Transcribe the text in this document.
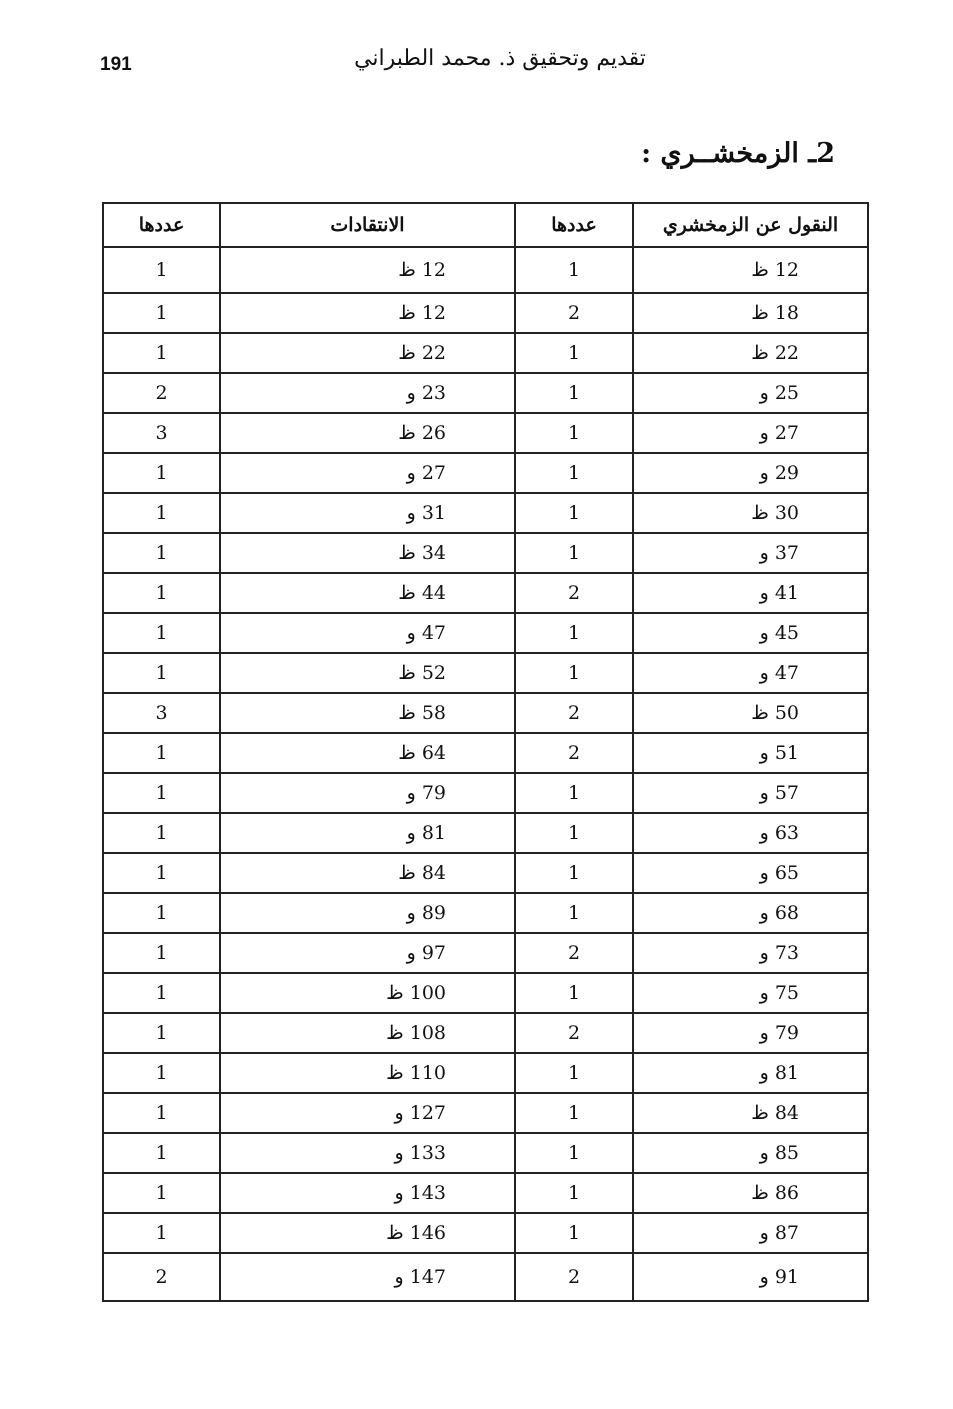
191	تقديم وتحقيق ذ. محمد الطبراني
2ـ الزمخشــري :
النقول عن الزمخشري	عددها	الانتقادات	عددها
12 ظ	1	12 ظ	1
18 ظ	2	12 ظ	1
22 ظ	1	22 ظ	1
25 و	1	23 و	2
27 و	1	26 ظ	3
29 و	1	27 و	1
30 ظ	1	31 و	1
37 و	1	34 ظ	1
41 و	2	44 ظ	1
45 و	1	47 و	1
47 و	1	52 ظ	1
50 ظ	2	58 ظ	3
51 و	2	64 ظ	1
57 و	1	79 و	1
63 و	1	81 و	1
65 و	1	84 ظ	1
68 و	1	89 و	1
73 و	2	97 و	1
75 و	1	100 ظ	1
79 و	2	108 ظ	1
81 و	1	110 ظ	1
84 ظ	1	127 و	1
85 و	1	133 و	1
86 ظ	1	143 و	1
87 و	1	146 ظ	1
91 و	2	147 و	2
